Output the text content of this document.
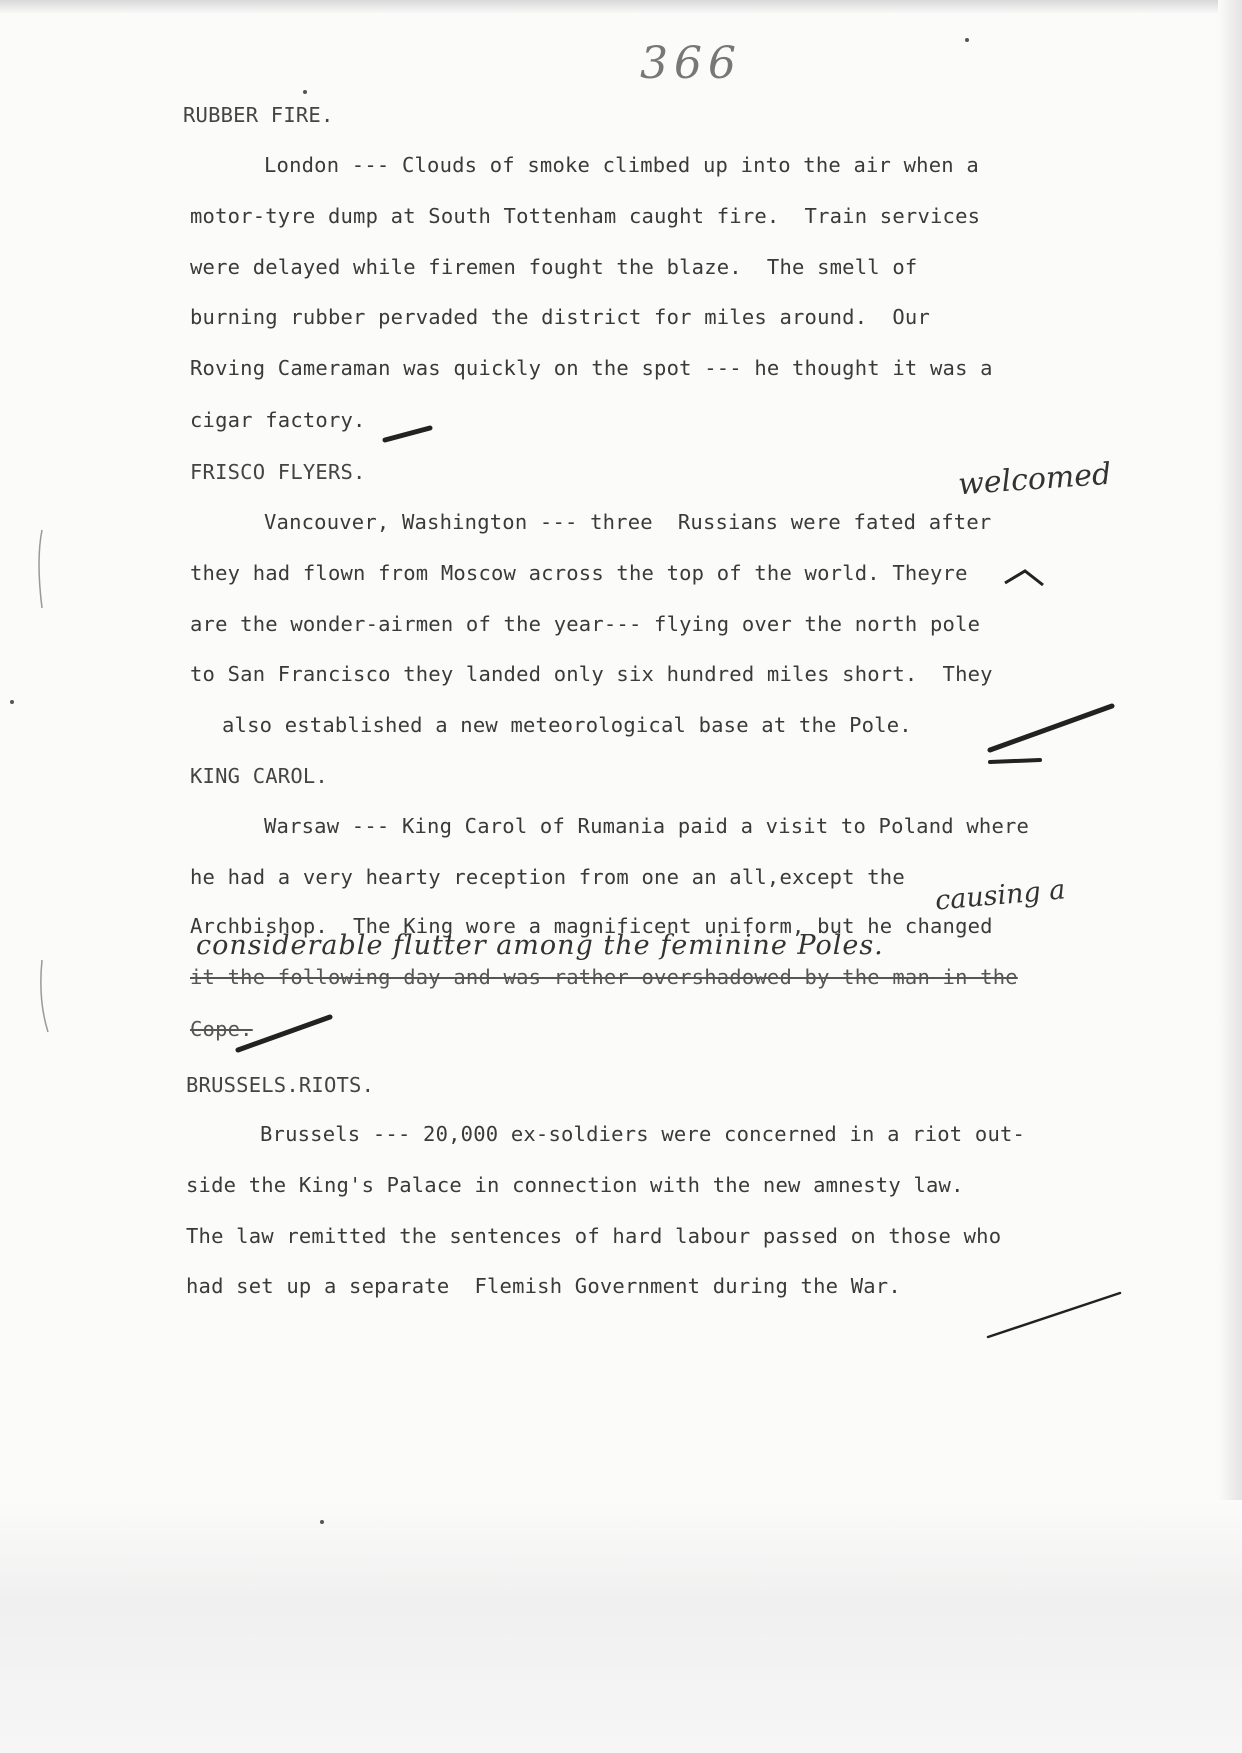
366
RUBBER FIRE.
London --- Clouds of smoke climbed up into the air when a
motor-tyre dump at South Tottenham caught fire.  Train services
were delayed while firemen fought the blaze.  The smell of
burning rubber pervaded the district for miles around.  Our
Roving Cameraman was quickly on the spot --- he thought it was a
cigar factory.
FRISCO FLYERS.	welcomed
Vancouver, Washington --- three  Russians were fated after
they had flown from Moscow across the top of the world. Theyre
are the wonder-airmen of the year--- flying over the north pole
to San Francisco they landed only six hundred miles short.  They
also established a new meteorological base at the Pole.
KING CAROL.
Warsaw --- King Carol of Rumania paid a visit to Poland where
he had a very hearty reception from one an all,except the causing a
Archbishop.  The King wore a magnificent uniform, but he changed
considerable flutter among the feminine Poles.
it the following day and was rather overshadowed by the man in the
Cope.
BRUSSELS.RIOTS.
Brussels --- 20,000 ex-soldiers were concerned in a riot out-
side the King's Palace in connection with the new amnesty law.
The law remitted the sentences of hard labour passed on those who
had set up a separate  Flemish Government during the War.
